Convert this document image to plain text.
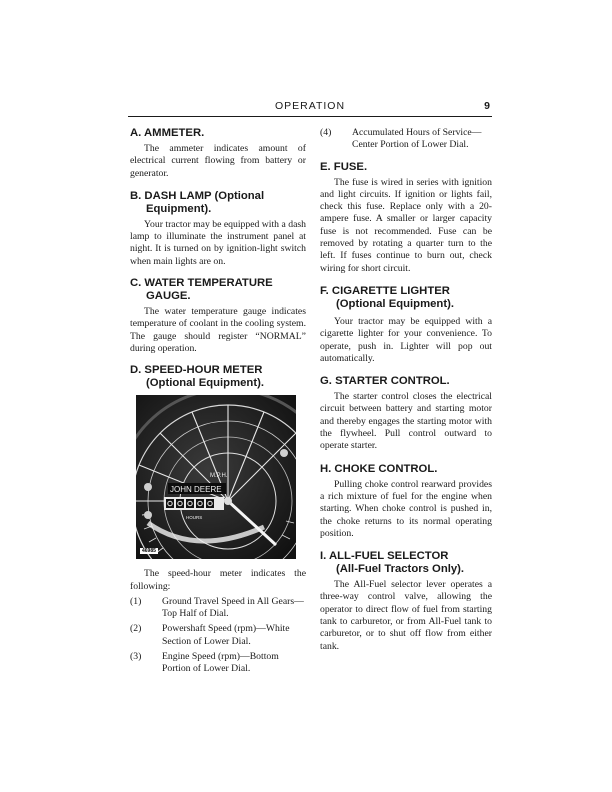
OPERATION	9
A. AMMETER.

The ammeter indicates amount of electrical current flowing from battery or generator.

B. DASH LAMP (Optional
Equipment).

Your tractor may be equipped with a dash lamp to illuminate the instrument panel at night. It is turned on by ignition-light switch when main lights are on.

C. WATER TEMPERATURE
GAUGE.

The water temperature gauge indicates temperature of coolant in the cooling system. The gauge should register “NORMAL” during operation.

D. SPEED-HOUR METER
(Optional Equipment).
JOHN DEERE
M.P.H.
HOURS
46985

The speed-hour meter indicates the following:

(1) Ground Travel Speed in All Gears—Top Half of Dial.
(2) Powershaft Speed (rpm)—White Section of Lower Dial.
(3) Engine Speed (rpm)—Bottom Portion of Lower Dial.
(4) Accumulated Hours of Service—Center Portion of Lower Dial.
E. FUSE.

The fuse is wired in series with ignition and light circuits. If ignition or lights fail, check this fuse. Replace only with a 20-ampere fuse. A smaller or larger capacity fuse is not recommended. Fuse can be removed by rotating a quarter turn to the left. If fuses continue to burn out, check wiring for short circuit.

F. CIGARETTE LIGHTER
(Optional Equipment).

Your tractor may be equipped with a cigarette lighter for your convenience. To operate, push in. Lighter will pop out automatically.

G. STARTER CONTROL.

The starter control closes the electrical circuit between battery and starting motor and thereby engages the starting motor with the flywheel. Pull control outward to operate starter.

H. CHOKE CONTROL.

Pulling choke control rearward provides a rich mixture of fuel for the engine when starting. When choke control is pushed in, the choke returns to its normal operating position.

I. ALL-FUEL SELECTOR
(All-Fuel Tractors Only).

The All-Fuel selector lever operates a three-way control valve, allowing the operator to direct flow of fuel from starting tank to carburetor, or from All-Fuel tank to carburetor, or to shut off flow from either tank.
